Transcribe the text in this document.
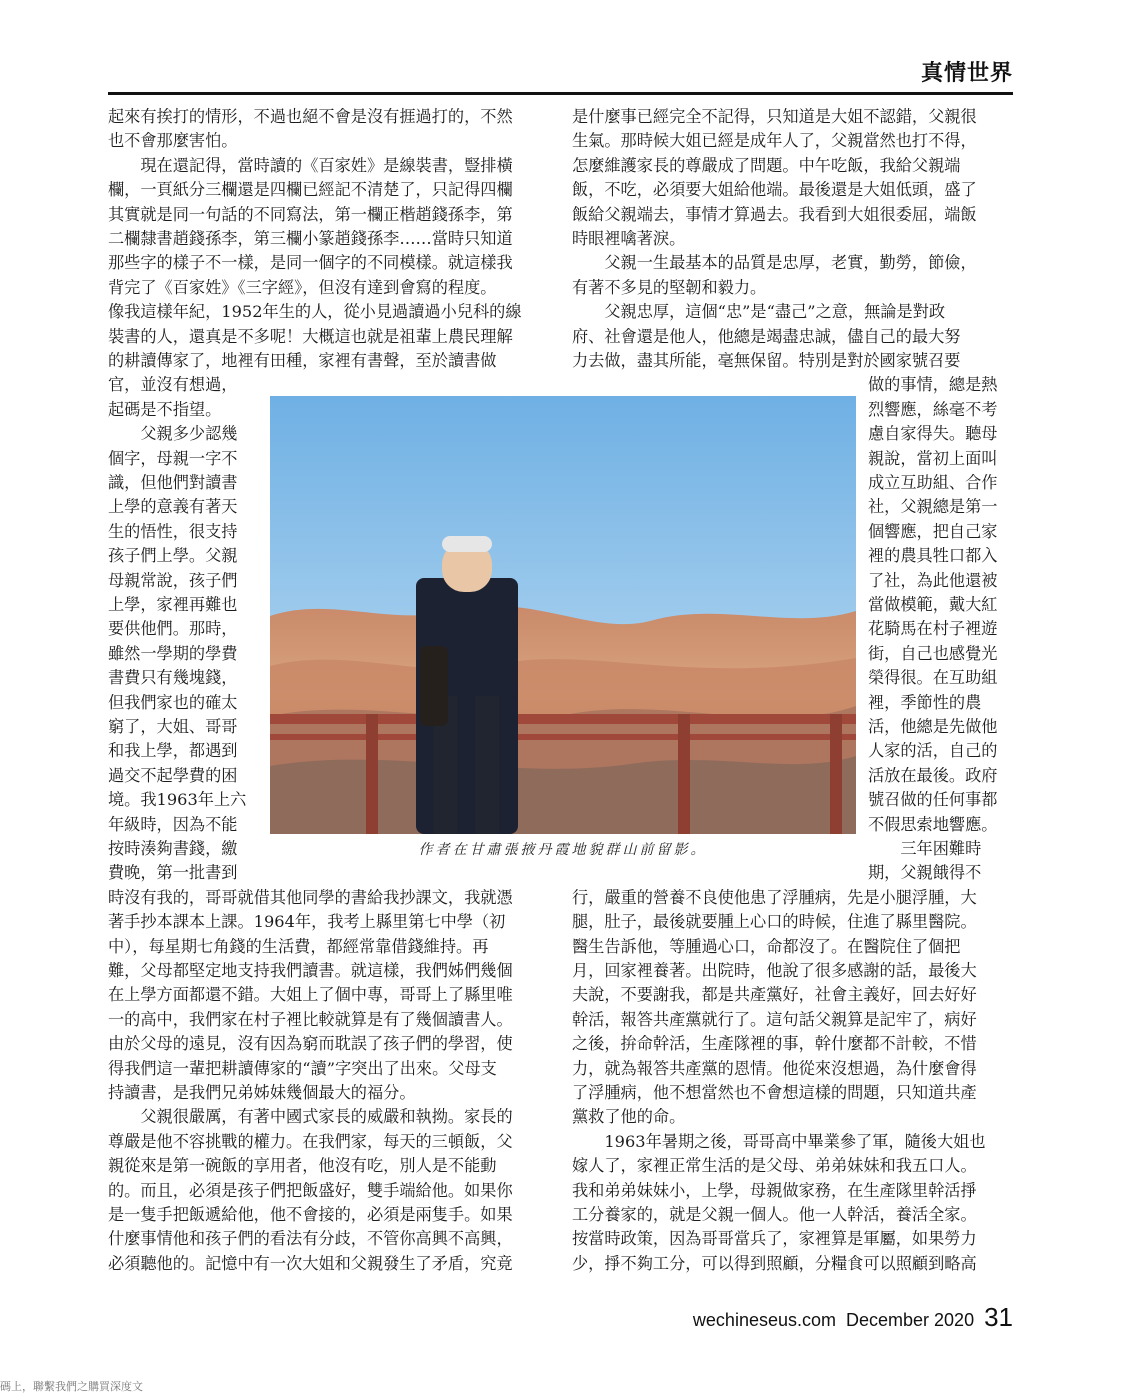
真情世界
起來有挨打的情形，不過也絕不會是沒有捱過打的，不然
也不會那麼害怕。
　　現在還記得，當時讀的《百家姓》是線裝書，豎排橫
欄，一頁紙分三欄還是四欄已經記不清楚了，只記得四欄
其實就是同一句話的不同寫法，第一欄正楷趙錢孫李，第
二欄隸書趙錢孫李，第三欄小篆趙錢孫李……當時只知道
那些字的樣子不一樣，是同一個字的不同模樣。就這樣我
背完了《百家姓》《三字經》，但沒有達到會寫的程度。
像我這樣年紀，1952年生的人，從小見過讀過小兒科的線
裝書的人，還真是不多呢！大概這也就是祖輩上農民理解
的耕讀傳家了，地裡有田種，家裡有書聲，至於讀書做
官，並沒有想過，
起碼是不指望。
　　父親多少認幾
個字，母親一字不
識，但他們對讀書
上學的意義有著天
生的悟性，很支持
孩子們上學。父親
母親常說，孩子們
上學，家裡再難也
要供他們。那時，
雖然一學期的學費
書費只有幾塊錢，
但我們家也的確太
窮了，大姐、哥哥
和我上學，都遇到
過交不起學費的困
境。我1963年上六
年級時，因為不能
按時湊夠書錢，繳
費晚，第一批書到
時沒有我的，哥哥就借其他同學的書給我抄課文，我就憑
著手抄本課本上課。1964年，我考上縣里第七中學（初
中），每星期七角錢的生活費，都經常靠借錢維持。再
難，父母都堅定地支持我們讀書。就這樣，我們姊們幾個
在上學方面都還不錯。大姐上了個中專，哥哥上了縣里唯
一的高中，我們家在村子裡比較就算是有了幾個讀書人。
由於父母的遠見，沒有因為窮而耽誤了孩子們的學習，使
得我們這一輩把耕讀傳家的“讀”字突出了出來。父母支
持讀書，是我們兄弟姊妹幾個最大的福分。
　　父親很嚴厲，有著中國式家長的威嚴和執拗。家長的
尊嚴是他不容挑戰的權力。在我們家，每天的三頓飯，父
親從來是第一碗飯的享用者，他沒有吃，別人是不能動
的。而且，必須是孩子們把飯盛好，雙手端給他。如果你
是一隻手把飯遞給他，他不會接的，必須是兩隻手。如果
什麼事情他和孩子們的看法有分歧，不管你高興不高興，
必須聽他的。記憶中有一次大姐和父親發生了矛盾，究竟
是什麼事已經完全不記得，只知道是大姐不認錯，父親很
生氣。那時候大姐已經是成年人了，父親當然也打不得，
怎麼維護家長的尊嚴成了問題。中午吃飯，我給父親端
飯，不吃，必須要大姐給他端。最後還是大姐低頭，盛了
飯給父親端去，事情才算過去。我看到大姐很委屈，端飯
時眼裡噙著淚。
　　父親一生最基本的品質是忠厚，老實，勤勞，節儉，
有著不多見的堅韌和毅力。
　　父親忠厚，這個“忠”是“盡己”之意，無論是對政
府、社會還是他人，他總是竭盡忠誠，儘自己的最大努
力去做，盡其所能，毫無保留。特別是對於國家號召要
做的事情，總是熱
烈響應，絲毫不考
慮自家得失。聽母
親說，當初上面叫
成立互助組、合作
社，父親總是第一
個響應，把自己家
裡的農具牲口都入
了社，為此他還被
當做模範，戴大紅
花騎馬在村子裡遊
街，自己也感覺光
榮得很。在互助組
裡，季節性的農
活，他總是先做他
人家的活，自己的
活放在最後。政府
號召做的任何事都
不假思索地響應。
　　三年困難時
期，父親餓得不
行，嚴重的營養不良使他患了浮腫病，先是小腿浮腫，大
腿，肚子，最後就要腫上心口的時候，住進了縣里醫院。
醫生告訴他，等腫過心口，命都沒了。在醫院住了個把
月，回家裡養著。出院時，他說了很多感謝的話，最後大
夫說，不要謝我，都是共產黨好，社會主義好，回去好好
幹活，報答共產黨就行了。這句話父親算是記牢了，病好
之後，拚命幹活，生產隊裡的事，幹什麼都不計較，不惜
力，就為報答共產黨的恩情。他從來沒想過，為什麼會得
了浮腫病，他不想當然也不會想這樣的問題，只知道共產
黨救了他的命。
　　1963年暑期之後，哥哥高中畢業參了軍，隨後大姐也
嫁人了，家裡正常生活的是父母、弟弟妹妹和我五口人。
我和弟弟妹妹小，上學，母親做家務，在生產隊里幹活掙
工分養家的，就是父親一個人。他一人幹活，養活全家。
按當時政策，因為哥哥當兵了，家裡算是軍屬，如果勞力
少，掙不夠工分，可以得到照顧，分糧食可以照顧到略高
作者在甘肅張掖丹霞地貌群山前留影。
wechineseus.com December 2020 31
碼上，聯繫我們之購買深度文
